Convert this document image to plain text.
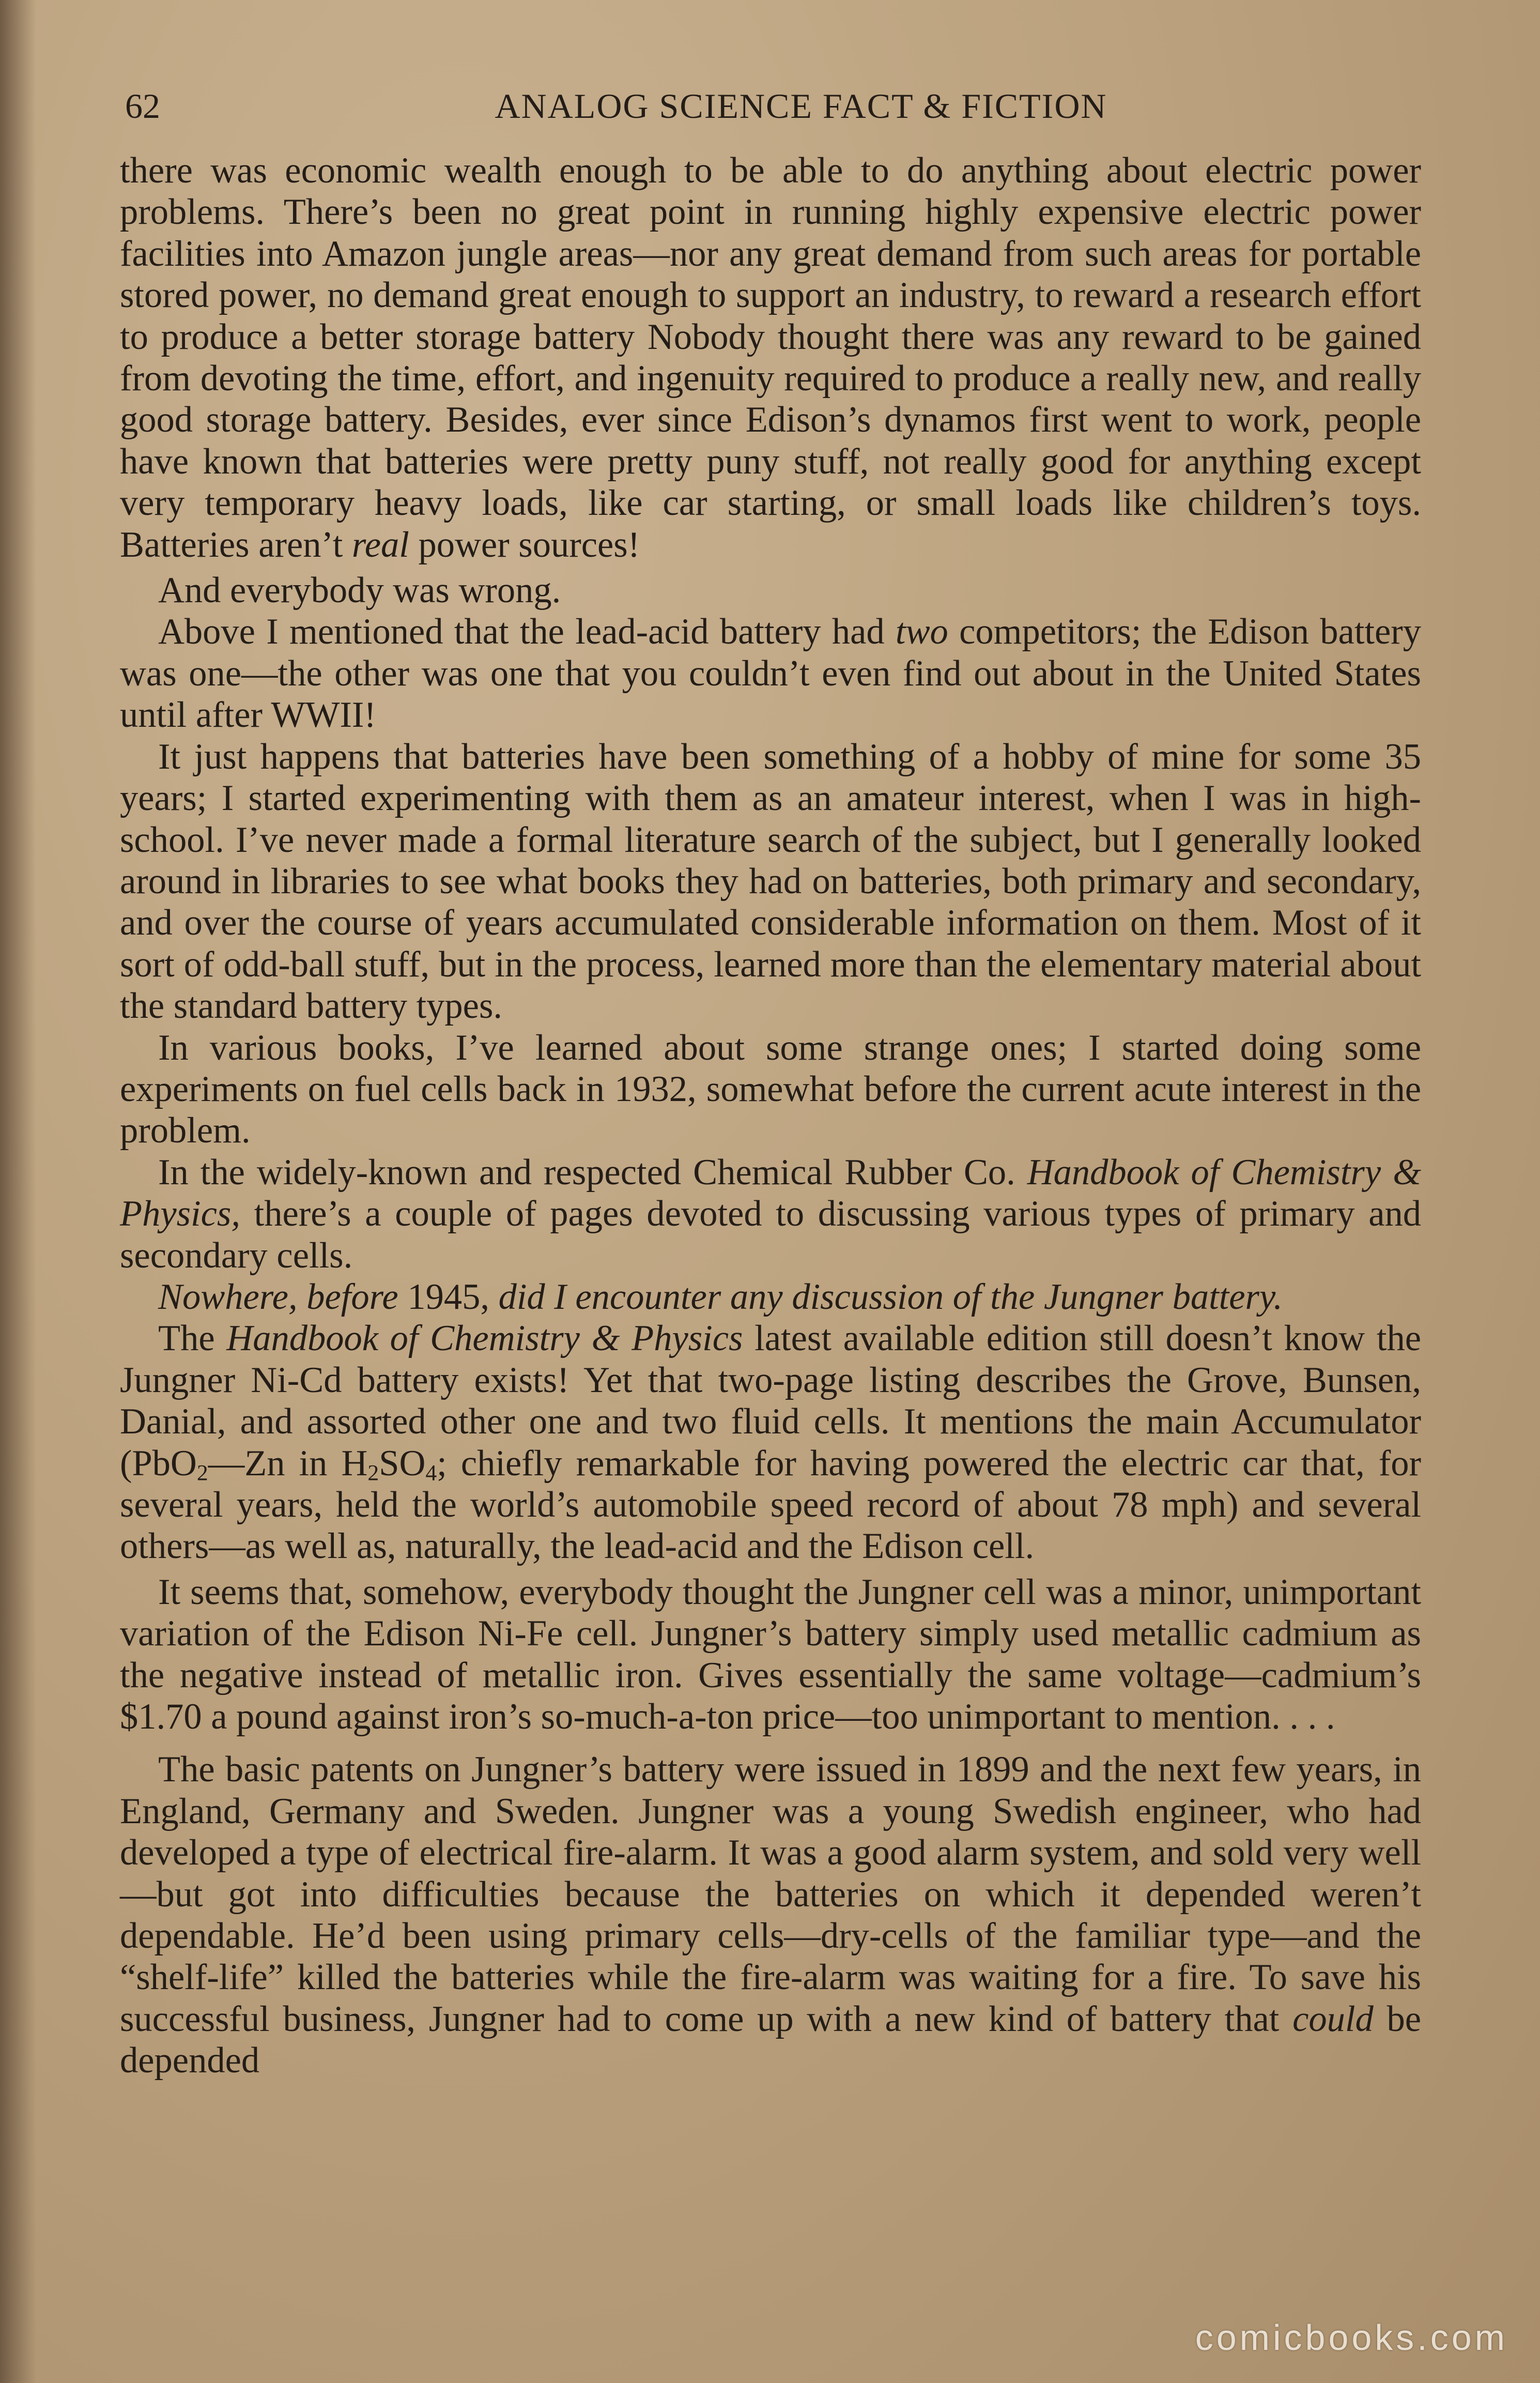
62	ANALOG SCIENCE FACT & FICTION

there was economic wealth enough to be able to do anything about electric power problems. There’s been no great point in running highly expensive electric power facilities into Amazon jungle areas—nor any great demand from such areas for portable stored power, no demand great enough to support an industry, to reward a research effort to produce a better storage battery Nobody thought there was any reward to be gained from devoting the time, effort, and ingenuity required to produce a really new, and really good storage battery. Besides, ever since Edison’s dynamos first went to work, people have known that batteries were pretty puny stuff, not really good for anything except very temporary heavy loads, like car starting, or small loads like children’s toys. Batteries aren’t real power sources!

And everybody was wrong.

Above I mentioned that the lead-acid battery had two competitors; the Edison battery was one—the other was one that you couldn’t even find out about in the United States until after WWII!

It just happens that batteries have been something of a hobby of mine for some 35 years; I started experimenting with them as an amateur interest, when I was in high-school. I’ve never made a formal literature search of the subject, but I generally looked around in libraries to see what books they had on batteries, both primary and secondary, and over the course of years accumulated considerable information on them. Most of it sort of odd-ball stuff, but in the process, learned more than the elementary material about the standard battery types.

In various books, I’ve learned about some strange ones; I started doing some experiments on fuel cells back in 1932, somewhat before the current acute interest in the problem.

In the widely-known and respected Chemical Rubber Co. Handbook of Chemistry & Physics, there’s a couple of pages devoted to discussing various types of primary and secondary cells.

Nowhere, before 1945, did I encounter any discussion of the Jungner battery.

The Handbook of Chemistry & Physics latest available edition still doesn’t know the Jungner Ni-Cd battery exists! Yet that two-page listing describes the Grove, Bunsen, Danial, and assorted other one and two fluid cells. It mentions the main Accumulator (PbO$_2$—Zn in $H_2SO_4$; chiefly remarkable for having powered the electric car that, for several years, held the world’s automobile speed record of about 78 mph) and several others—as well as, naturally, the lead-acid and the Edison cell.

It seems that, somehow, everybody thought the Jungner cell was a minor, unimportant variation of the Edison Ni-Fe cell. Jungner’s battery simply used metallic cadmium as the negative instead of metallic iron. Gives essentially the same voltage—cadmium’s $1.70 a pound against iron’s so-much-a-ton price—too unimportant to mention. . . .

The basic patents on Jungner’s battery were issued in 1899 and the next few years, in England, Germany and Sweden. Jungner was a young Swedish engineer, who had developed a type of electrical fire-alarm. It was a good alarm system, and sold very well—but got into difficulties because the batteries on which it depended weren’t dependable. He’d been using primary cells—dry-cells of the familiar type—and the “shelf-life” killed the batteries while the fire-alarm was waiting for a fire. To save his successful business, Jungner had to come up with a new kind of battery that could be depended

comicbooks.com
